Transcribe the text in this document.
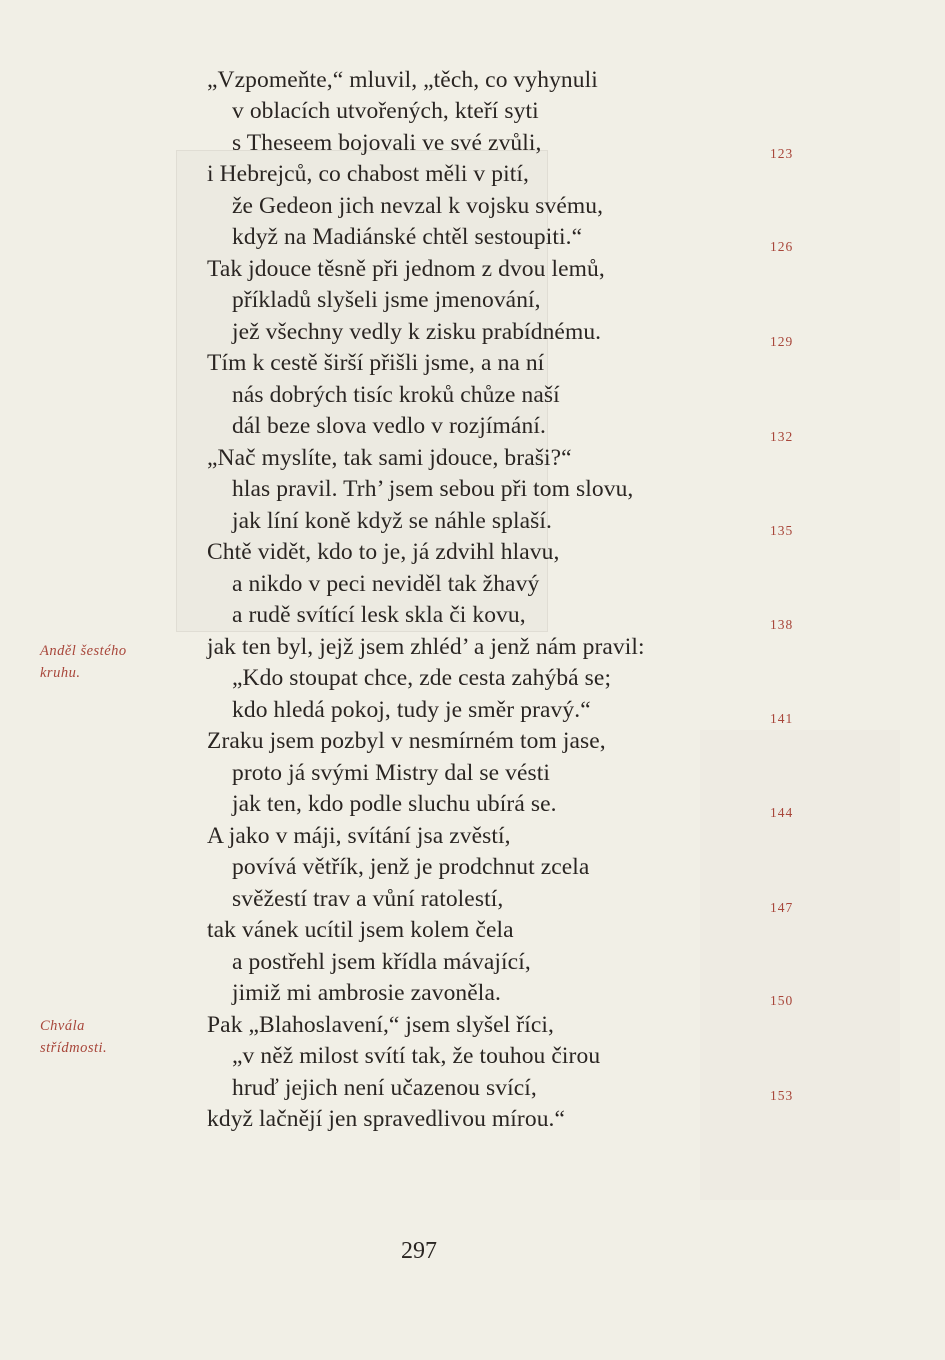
„Vzpomeňte,“ mluvil, „těch, co vyhynuli

v oblacích utvořených, kteří syti

s Theseem bojovali ve své zvůli,

i Hebrejců, co chabost měli v pití,

že Gedeon jich nevzal k vojsku svému,

když na Madiánské chtěl sestoupiti.“

Tak jdouce těsně při jednom z dvou lemů,

příkladů slyšeli jsme jmenování,

jež všechny vedly k zisku prabídnému.

Tím k cestě širší přišli jsme, a na ní

nás dobrých tisíc kroků chůze naší

dál beze slova vedlo v rozjímání.

„Nač myslíte, tak sami jdouce, braši?“

hlas pravil. Trh’ jsem sebou při tom slovu,

jak líní koně když se náhle splaší.

Chtě vidět, kdo to je, já zdvihl hlavu,

a nikdo v peci neviděl tak žhavý

a rudě svítící lesk skla či kovu,

jak ten byl, jejž jsem zhléd’ a jenž nám pravil:

„Kdo stoupat chce, zde cesta zahýbá se;

kdo hledá pokoj, tudy je směr pravý.“

Zraku jsem pozbyl v nesmírném tom jase,

proto já svými Mistry dal se vésti

jak ten, kdo podle sluchu ubírá se.

A jako v máji, svítání jsa zvěstí,

povívá větřík, jenž je prodchnut zcela

svěžestí trav a vůní ratolestí,

tak vánek ucítil jsem kolem čela

a postřehl jsem křídla mávající,

jimiž mi ambrosie zavoněla.

Pak „Blahoslavení,“ jsem slyšel říci,

„v něž milost svítí tak, že touhou čirou

hruď jejich není učazenou svící,

když lačnějí jen spravedlivou mírou.“

123
126
129
132
135
138
141
144
147
150
153
Anděl šestého
kruhu.
Chvála
střídmosti.
297
